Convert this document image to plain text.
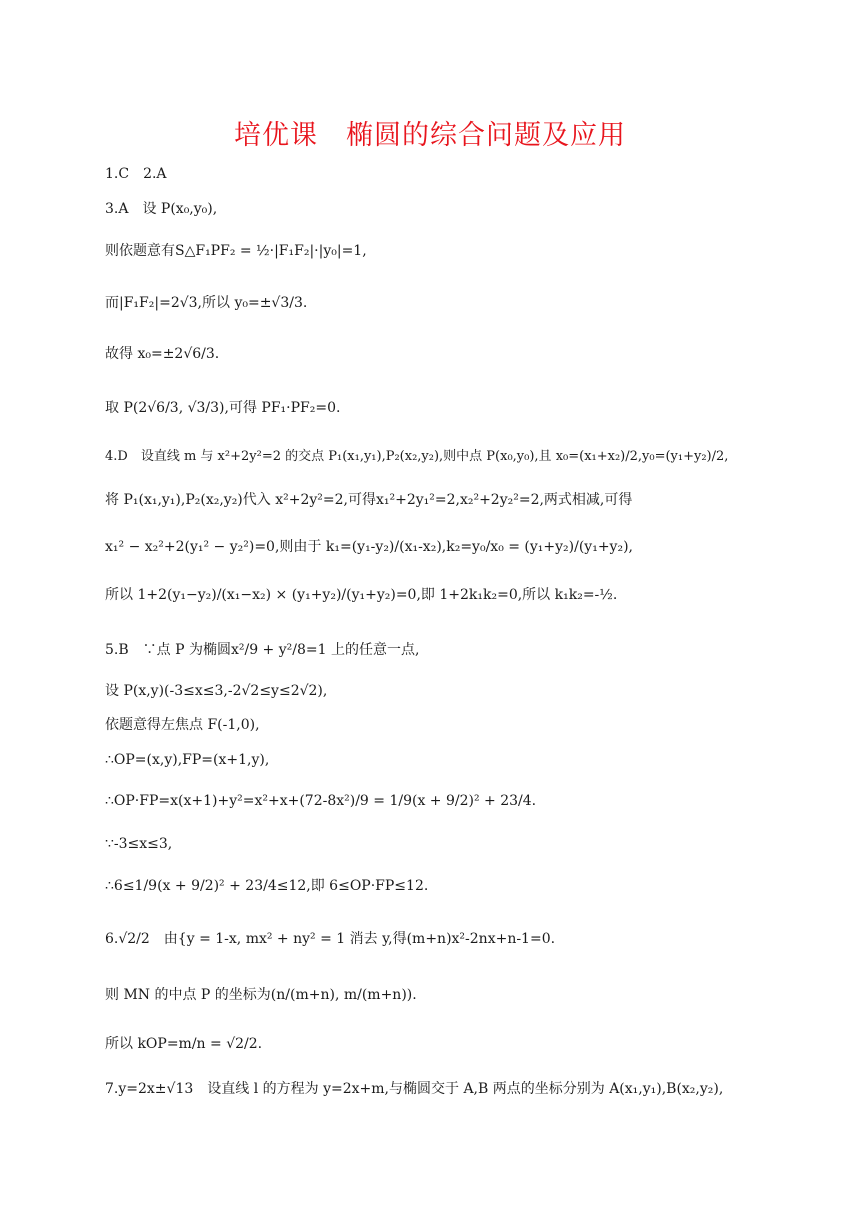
培优课　椭圆的综合问题及应用
1.C　2.A
3.A　设 P(x₀,y₀),
则依题意有S△F₁PF₂ = ½·|F₁F₂|·|y₀|=1,
而|F₁F₂|=2√3,所以 y₀=±√3/3.
故得 x₀=±2√6/3.
取 P(2√6/3, √3/3),可得 PF₁·PF₂=0.
4.D　设直线 m 与 x²+2y²=2 的交点 P₁(x₁,y₁),P₂(x₂,y₂),则中点 P(x₀,y₀),且 x₀=(x₁+x₂)/2,y₀=(y₁+y₂)/2,
将 P₁(x₁,y₁),P₂(x₂,y₂)代入 x²+2y²=2,可得x₁²+2y₁²=2,x₂²+2y₂²=2,两式相减,可得
x₁² − x₂²+2(y₁² − y₂²)=0,则由于 k₁=(y₁-y₂)/(x₁-x₂),k₂=y₀/x₀ = (y₁+y₂)/(y₁+y₂),
所以 1+2(y₁−y₂)/(x₁−x₂) × (y₁+y₂)/(y₁+y₂)=0,即 1+2k₁k₂=0,所以 k₁k₂=-½.
5.B　∵点 P 为椭圆x²/9 + y²/8=1 上的任意一点,
设 P(x,y)(-3≤x≤3,-2√2≤y≤2√2),
依题意得左焦点 F(-1,0),
∴OP=(x,y),FP=(x+1,y),
∴OP·FP=x(x+1)+y²=x²+x+(72-8x²)/9 = 1/9(x + 9/2)² + 23/4.
∵-3≤x≤3,
∴6≤1/9(x + 9/2)² + 23/4≤12,即 6≤OP·FP≤12.
6.√2/2　由{y = 1-x, mx² + ny² = 1 消去 y,得(m+n)x²-2nx+n-1=0.
则 MN 的中点 P 的坐标为(n/(m+n), m/(m+n)).
所以 kOP=m/n = √2/2.
7.y=2x±√13　设直线 l 的方程为 y=2x+m,与椭圆交于 A,B 两点的坐标分别为 A(x₁,y₁),B(x₂,y₂),
